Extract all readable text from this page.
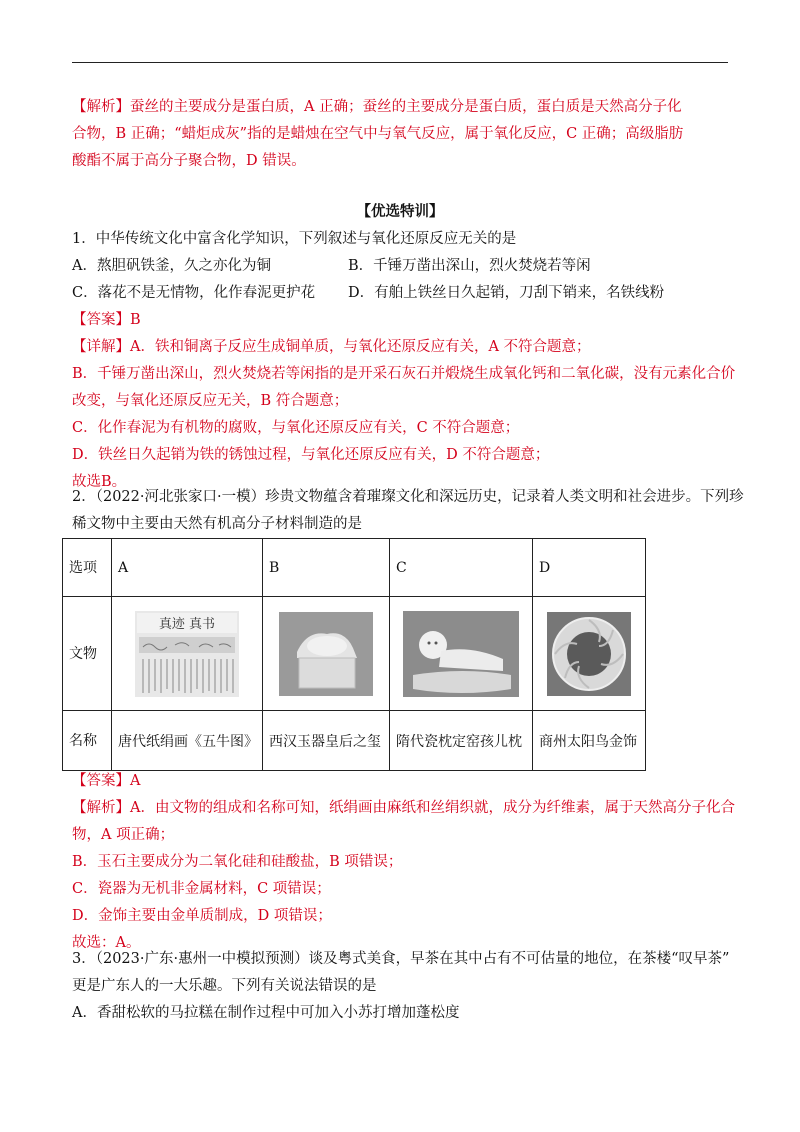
【解析】蚕丝的主要成分是蛋白质，A 正确；蚕丝的主要成分是蛋白质，蛋白质是天然高分子化

合物，B 正确；“蜡炬成灰”指的是蜡烛在空气中与氧气反应，属于氧化反应，C 正确；高级脂肪

酸酯不属于高分子聚合物，D 错误。

【优选特训】

1．中华传统文化中富含化学知识，下列叙述与氧化还原反应无关的是

A．熬胆矾铁釜，久之亦化为铜	B．千锤万凿出深山，烈火焚烧若等闲

C．落花不是无情物，化作春泥更护花	D．有舶上铁丝日久起销，刀刮下销来，名铁线粉

【答案】B

【详解】A．铁和铜离子反应生成铜单质，与氧化还原反应有关，A 不符合题意；

B．千锤万凿出深山，烈火焚烧若等闲指的是开采石灰石并煅烧生成氧化钙和二氧化碳，没有元素化合价

改变，与氧化还原反应无关，B 符合题意；

C．化作春泥为有机物的腐败，与氧化还原反应有关，C 不符合题意；

D．铁丝日久起销为铁的锈蚀过程，与氧化还原反应有关，D 不符合题意；

故选B。

2．（2022·河北张家口·一模）珍贵文物蕴含着璀璨文化和深远历史，记录着人类文明和社会进步。下列珍

稀文物中主要由天然有机高分子材料制造的是

选项	A	B	C	D
文物	真迹 真书

名称	唐代纸绢画《五牛图》	西汉玉器皇后之玺	隋代瓷枕定窑孩儿枕	商州太阳鸟金饰

【答案】A

【解析】A．由文物的组成和名称可知，纸绢画由麻纸和丝绢织就，成分为纤维素，属于天然高分子化合

物，A 项正确；

B．玉石主要成分为二氧化硅和硅酸盐，B 项错误；

C．瓷器为无机非金属材料，C 项错误；

D．金饰主要由金单质制成，D 项错误；

故选：A。

3．（2023·广东·惠州一中模拟预测）谈及粤式美食，早茶在其中占有不可估量的地位，在茶楼“叹早茶”

更是广东人的一大乐趣。下列有关说法错误的是

A．香甜松软的马拉糕在制作过程中可加入小苏打增加蓬松度
